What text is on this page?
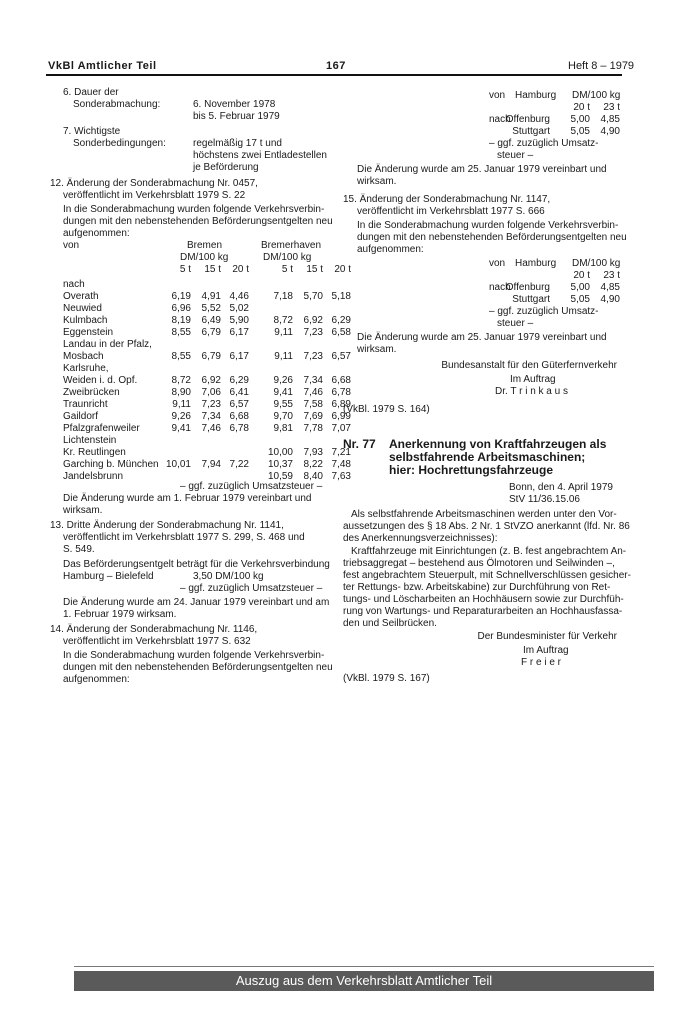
VkBl Amtlicher Teil	167	Heft 8 – 1979
6. Dauer der
Sonderabmachung:	6. November 1978
bis 5. Februar 1979
7. Wichtigste
Sonderbedingungen:	regelmäßig 17 t und
höchstens zwei Entladestellen
je Beförderung
12. Änderung der Sonderabmachung Nr. 0457,
veröffentlicht im Verkehrsblatt 1979 S. 22
In die Sonderabmachung wurden folgende Verkehrsverbin-
dungen mit den nebenstehenden Beförderungsentgelten neu
aufgenommen:
von	Bremen	Bremerhaven
DM/100 kg	DM/100 kg
	5 t	15 t	20 t	5 t	15 t	20 t
nach						
Overath	6,19	4,91	4,46	7,18	5,70	5,18
Neuwied	6,96	5,52	5,02			
Kulmbach	8,19	6,49	5,90	8,72	6,92	6,29
Eggenstein	8,55	6,79	6,17	9,11	7,23	6,58
Landau in der Pfalz,						
Mosbach	8,55	6,79	6,17	9,11	7,23	6,57
Karlsruhe,						
Weiden i. d. Opf.	8,72	6,92	6,29	9,26	7,34	6,68
Zweibrücken	8,90	7,06	6,41	9,41	7,46	6,78
Traunricht	9,11	7,23	6,57	9,55	7,58	6,89
Gaildorf	9,26	7,34	6,68	9,70	7,69	6,99
Pfalzgrafenweiler	9,41	7,46	6,78	9,81	7,78	7,07
Lichtenstein						
Kr. Reutlingen				10,00	7,93	7,21
Garching b. München	10,01	7,94	7,22	10,37	8,22	7,48
Jandelsbrunn				10,59	8,40	7,63
– ggf. zuzüglich Umsatzsteuer –
Die Änderung wurde am 1. Februar 1979 vereinbart und
wirksam.
13. Dritte Änderung der Sonderabmachung Nr. 1141,
veröffentlicht im Verkehrsblatt 1977 S. 299, S. 468 und
S. 549.
Das Beförderungsentgelt beträgt für die Verkehrsverbindung
Hamburg – Bielefeld	3,50 DM/100 kg
– ggf. zuzüglich Umsatzsteuer –
Die Änderung wurde am 24. Januar 1979 vereinbart und am
1. Februar 1979 wirksam.
14. Änderung der Sonderabmachung Nr. 1146,
veröffentlicht im Verkehrsblatt 1977 S. 632
In die Sonderabmachung wurden folgende Verkehrsverbin-
dungen mit den nebenstehenden Beförderungsentgelten neu
aufgenommen:
von Hamburg DM/100 kg
20 t	23 t
nach
Offenburg	5,00	4,85
Stuttgart	5,05	4,90
– ggf. zuzüglich Umsatz-
steuer –
Die Änderung wurde am 25. Januar 1979 vereinbart und
wirksam.
15. Änderung der Sonderabmachung Nr. 1147,
veröffentlicht im Verkehrsblatt 1977 S. 666
In die Sonderabmachung wurden folgende Verkehrsverbin-
dungen mit den nebenstehenden Beförderungsentgelten neu
aufgenommen:
von Hamburg DM/100 kg
20 t	23 t
nach
Offenburg	5,00	4,85
Stuttgart	5,05	4,90
– ggf. zuzüglich Umsatz-
steuer –
Die Änderung wurde am 25. Januar 1979 vereinbart und
wirksam.
Bundesanstalt für den Güterfernverkehr
Im Auftrag
Dr. T r i n k a u s
(VkBl. 1979 S. 164)
Nr. 77 Anerkennung von Kraftfahrzeugen als
selbstfahrende Arbeitsmaschinen;
hier: Hochrettungsfahrzeuge
Bonn, den 4. April 1979
StV 11/36.15.06
Als selbstfahrende Arbeitsmaschinen werden unter den Vor-
aussetzungen des § 18 Abs. 2 Nr. 1 StVZO anerkannt (lfd. Nr. 86
des Anerkennungsverzeichnisses):
Kraftfahrzeuge mit Einrichtungen (z. B. fest angebrachtem An-
triebsaggregat – bestehend aus Ölmotoren und Seilwinden –,
fest angebrachtem Steuerpult, mit Schnellverschlüssen gesicher-
ter Rettungs- bzw. Arbeitskabine) zur Durchführung von Ret-
tungs- und Löscharbeiten an Hochhäusern sowie zur Durchfüh-
rung von Wartungs- und Reparaturarbeiten an Hochhausfassa-
den und Seilbrücken.
Der Bundesminister für Verkehr
Im Auftrag
F r e i e r
(VkBl. 1979 S. 167)
Auszug aus dem Verkehrsblatt Amtlicher Teil
